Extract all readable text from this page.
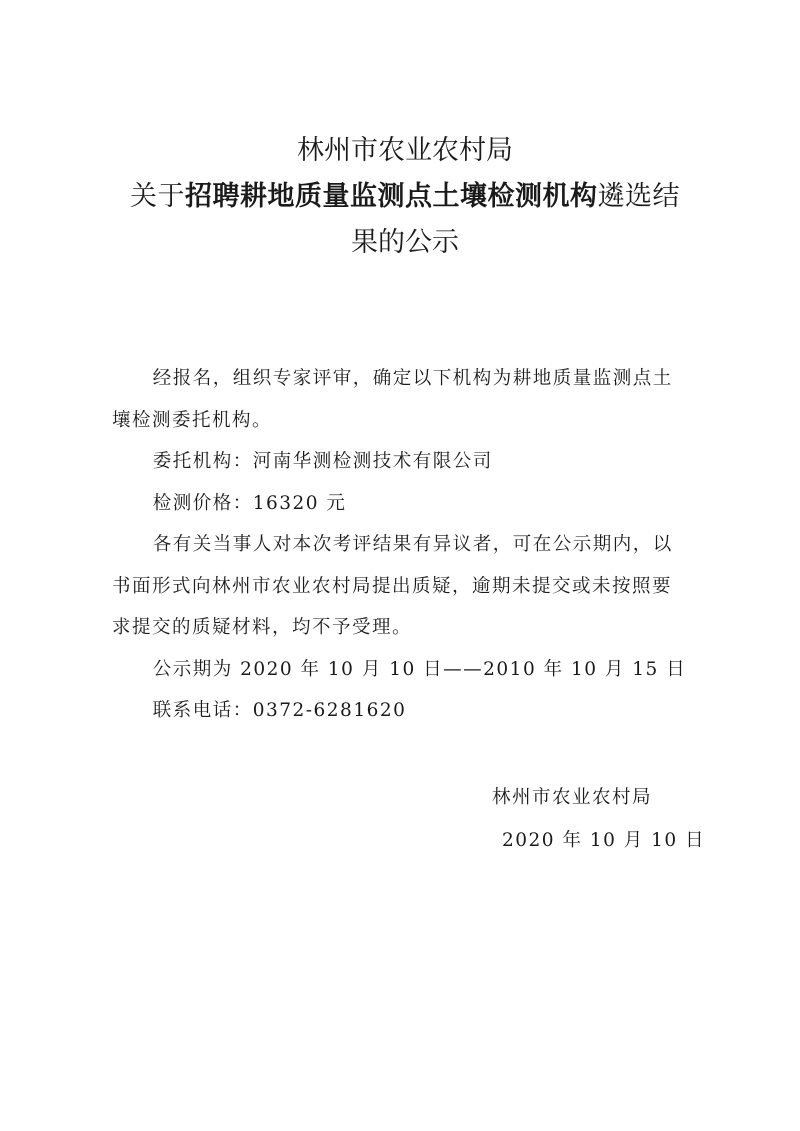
林州市农业农村局
关于招聘耕地质量监测点土壤检测机构遴选结
果的公示

经报名，组织专家评审，确定以下机构为耕地质量监测点土

壤检测委托机构。

委托机构：河南华测检测技术有限公司

检测价格：16320 元

各有关当事人对本次考评结果有异议者，可在公示期内，以

书面形式向林州市农业农村局提出质疑，逾期未提交或未按照要

求提交的质疑材料，均不予受理。

公示期为 2020 年 10 月 10 日——2010 年 10 月 15 日

联系电话：0372-6281620

林州市农业农村局
2020 年 10 月 10 日
